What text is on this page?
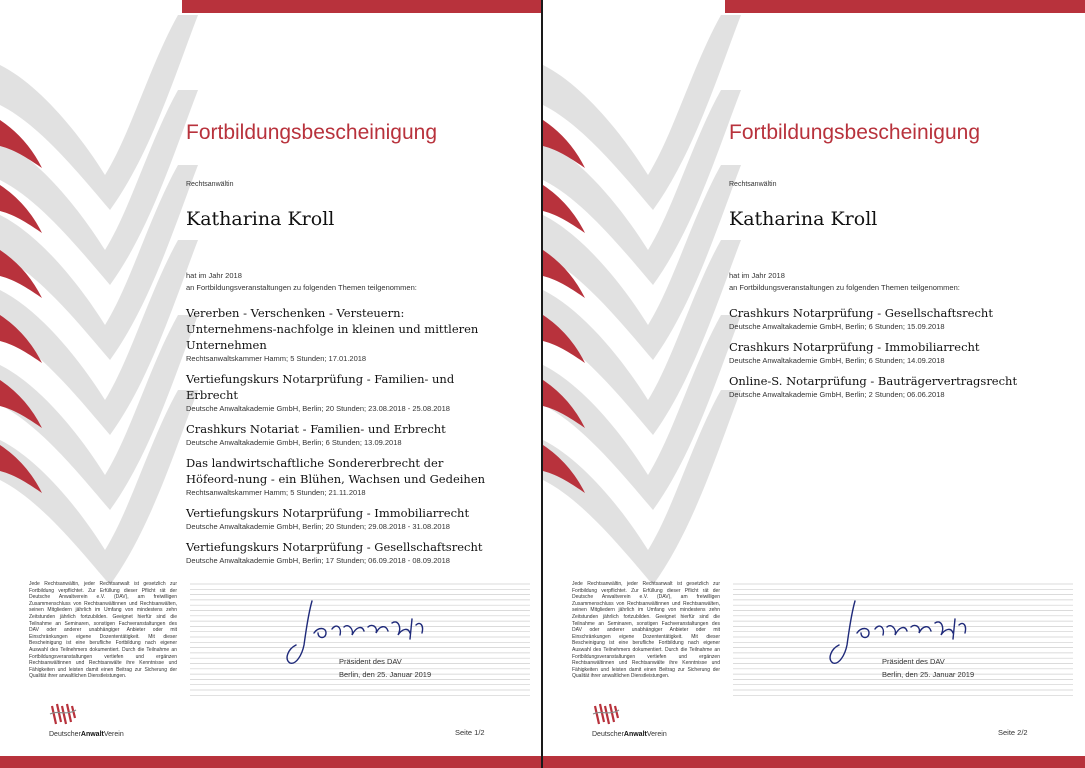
Fortbildungsbescheinigung
Rechtsanwältin
Katharina Kroll
hat im Jahr 2018
an Fortbildungsveranstaltungen zu folgenden Themen teilgenommen:
Vererben - Verschenken - Versteuern: Unternehmens-nachfolge in kleinen und mittleren Unternehmen
Rechtsanwaltskammer Hamm; 5 Stunden; 17.01.2018
Vertiefungskurs Notarprüfung - Familien- und Erbrecht
Deutsche Anwaltakademie GmbH, Berlin; 20 Stunden; 23.08.2018 - 25.08.2018
Crashkurs Notariat - Familien- und Erbrecht
Deutsche Anwaltakademie GmbH, Berlin; 6 Stunden; 13.09.2018
Das landwirtschaftliche Sondererbrecht der Höfeord-nung - ein Blühen, Wachsen und Gedeihen
Rechtsanwaltskammer Hamm; 5 Stunden; 21.11.2018
Vertiefungskurs Notarprüfung - Immobiliarrecht
Deutsche Anwaltakademie GmbH, Berlin; 20 Stunden; 29.08.2018 - 31.08.2018
Vertiefungskurs Notarprüfung - Gesellschaftsrecht
Deutsche Anwaltakademie GmbH, Berlin; 17 Stunden; 06.09.2018 - 08.09.2018
Jede Rechtsanwältin, jeder Rechtsanwalt ist gesetzlich zur Fortbildung verpflichtet. Zur Erfüllung dieser Pflicht rät der Deutsche Anwaltverein e.V. (DAV), am freiwilligen Zusammenschluss von Rechtsanwältinnen und Rechtsanwälten, seinen Mitgliedern jährlich im Umfang von mindestens zehn Zeitstunden jährlich fortzubilden. Geeignet hierfür sind die Teilnahme an Seminaren, sonstigen Fachveranstaltungen des DAV oder anderer unabhängiger Anbieter oder mit Einschränkungen eigene Dozententätigkeit. Mit dieser Bescheinigung ist eine berufliche Fortbildung nach eigener Auswahl des Teilnehmers dokumentiert. Durch die Teilnahme an Fortbildungsveranstaltungen vertiefen und ergänzen Rechtsanwältinnen und Rechtsanwälte ihre Kenntnisse und Fähigkeiten und leisten damit einen Beitrag zur Sicherung der Qualität ihrer anwaltlichen Dienstleistungen.
Präsident des DAV
Berlin, den 25. Januar 2019
DeutscherAnwaltVerein	Seite 1/2
Fortbildungsbescheinigung
Rechtsanwältin
Katharina Kroll
hat im Jahr 2018
an Fortbildungsveranstaltungen zu folgenden Themen teilgenommen:
Crashkurs Notarprüfung - Gesellschaftsrecht
Deutsche Anwaltakademie GmbH, Berlin; 6 Stunden; 15.09.2018
Crashkurs Notarprüfung - Immobiliarrecht
Deutsche Anwaltakademie GmbH, Berlin; 6 Stunden; 14.09.2018
Online-S. Notarprüfung - Bauträgervertragsrecht
Deutsche Anwaltakademie GmbH, Berlin; 2 Stunden; 06.06.2018
Jede Rechtsanwältin, jeder Rechtsanwalt ist gesetzlich zur Fortbildung verpflichtet. Zur Erfüllung dieser Pflicht rät der Deutsche Anwaltverein e.V. (DAV), am freiwilligen Zusammenschluss von Rechtsanwältinnen und Rechtsanwälten, seinen Mitgliedern jährlich im Umfang von mindestens zehn Zeitstunden jährlich fortzubilden. Geeignet hierfür sind die Teilnahme an Seminaren, sonstigen Fachveranstaltungen des DAV oder anderer unabhängiger Anbieter oder mit Einschränkungen eigene Dozententätigkeit. Mit dieser Bescheinigung ist eine berufliche Fortbildung nach eigener Auswahl des Teilnehmers dokumentiert. Durch die Teilnahme an Fortbildungsveranstaltungen vertiefen und ergänzen Rechtsanwältinnen und Rechtsanwälte ihre Kenntnisse und Fähigkeiten und leisten damit einen Beitrag zur Sicherung der Qualität ihrer anwaltlichen Dienstleistungen.
Präsident des DAV
Berlin, den 25. Januar 2019
DeutscherAnwaltVerein	Seite 2/2
